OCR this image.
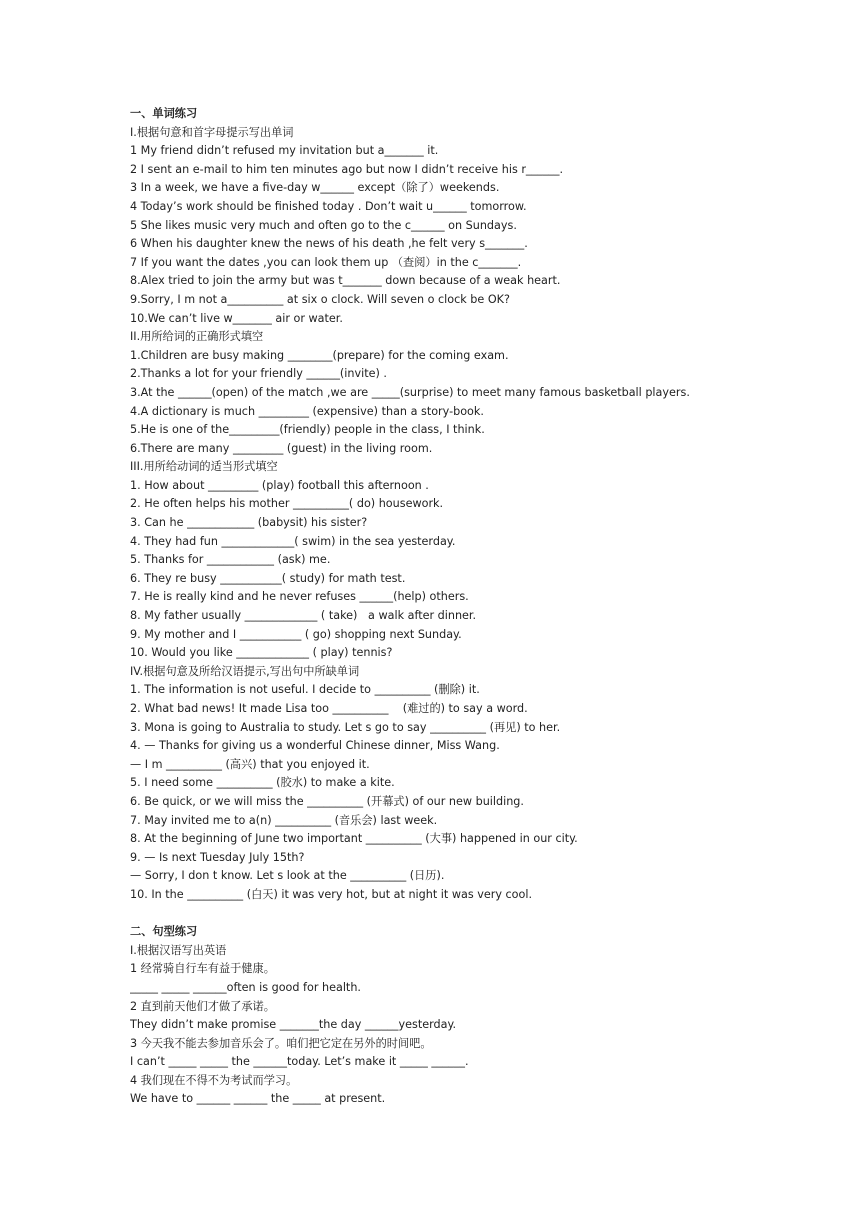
一、单词练习
I.根据句意和首字母提示写出单词
1 My friend didn’t refused my invitation but a_______ it.
2 I sent an e-mail to him ten minutes ago but now I didn’t receive his r______.
3 In a week, we have a five-day w______ except（除了）weekends.
4 Today’s work should be finished today . Don’t wait u______ tomorrow.
5 She likes music very much and often go to the c______ on Sundays.
6 When his daughter knew the news of his death ,he felt very s_______.
7 If you want the dates ,you can look them up （查阅）in the c_______.
8.Alex tried to join the army but was t_______ down because of a weak heart.
9.Sorry, I m not a__________ at six o clock. Will seven o clock be OK?
10.We can’t live w_______ air or water.
II.用所给词的正确形式填空
1.Children are busy making ________(prepare) for the coming exam.
2.Thanks a lot for your friendly ______(invite) .
3.At the ______(open) of the match ,we are _____(surprise) to meet many famous basketball players.
4.A dictionary is much _________ (expensive) than a story-book.
5.He is one of the_________(friendly) people in the class, I think.
6.There are many _________ (guest) in the living room.
III.用所给动词的适当形式填空
1. How about _________ (play) football this afternoon .
2. He often helps his mother __________( do) housework.
3. Can he ____________ (babysit) his sister?
4. They had fun _____________( swim) in the sea yesterday.
5. Thanks for ____________ (ask) me.
6. They re busy ___________( study) for math test.
7. He is really kind and he never refuses ______(help) others.
8. My father usually _____________ ( take)   a walk after dinner.
9. My mother and I ___________ ( go) shopping next Sunday.
10. Would you like _____________ ( play) tennis?
IV.根据句意及所给汉语提示,写出句中所缺单词
1. The information is not useful. I decide to __________ (删除) it.
2. What bad news! It made Lisa too __________    (难过的) to say a word.
3. Mona is going to Australia to study. Let s go to say __________ (再见) to her.
4. — Thanks for giving us a wonderful Chinese dinner, Miss Wang.
— I m __________ (高兴) that you enjoyed it.
5. I need some __________ (胶水) to make a kite.
6. Be quick, or we will miss the __________ (开幕式) of our new building.
7. May invited me to a(n) __________ (音乐会) last week.
8. At the beginning of June two important __________ (大事) happened in our city.
9. — Is next Tuesday July 15th?
— Sorry, I don t know. Let s look at the __________ (日历).
10. In the __________ (白天) it was very hot, but at night it was very cool.
二、句型练习
I.根据汉语写出英语
1 经常骑自行车有益于健康。
_____ _____ ______often is good for health.
2 直到前天他们才做了承诺。
They didn’t make promise _______the day ______yesterday.
3 今天我不能去参加音乐会了。咱们把它定在另外的时间吧。
I can’t _____ _____ the ______today. Let’s make it _____ ______.
4 我们现在不得不为考试而学习。
We have to ______ ______ the _____ at present.
